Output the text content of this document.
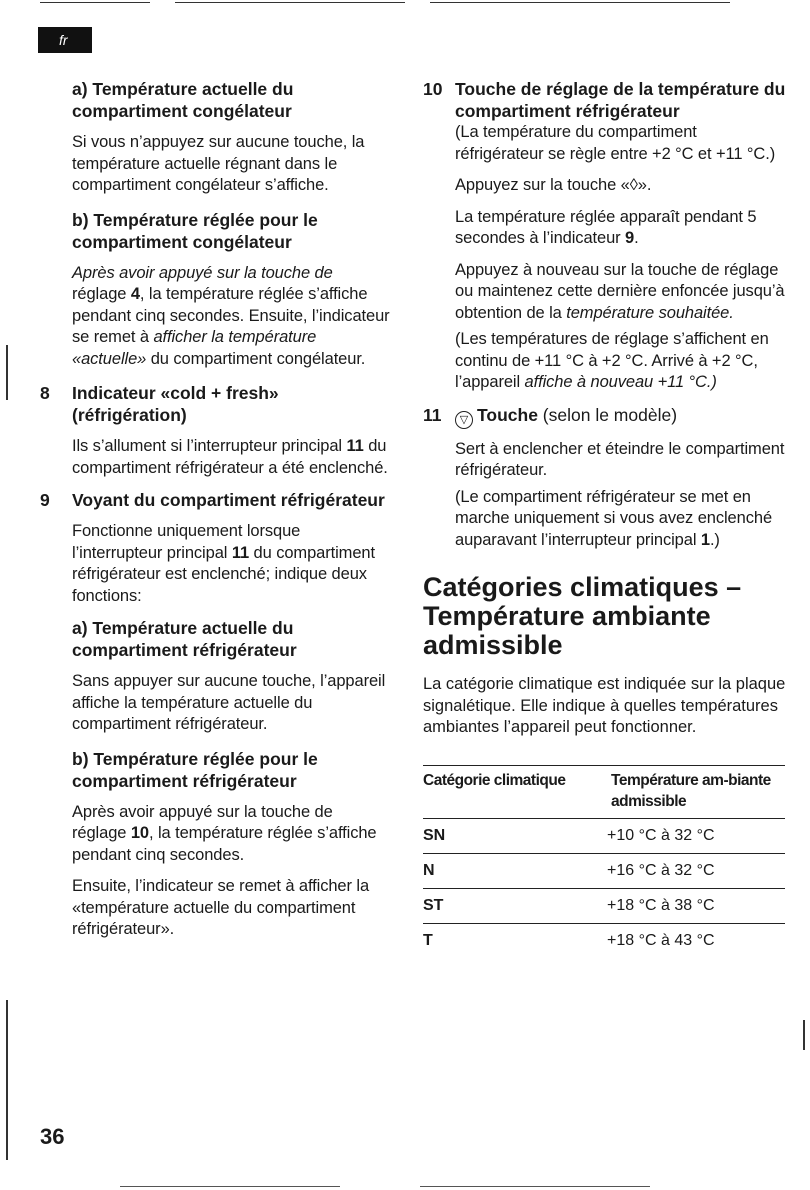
fr
a) Température actuelle du compartiment congélateur
Si vous n’appuyez sur aucune touche, la température actuelle régnant dans le compartiment congélateur s’affiche.
b) Température réglée pour le compartiment congélateur
Après avoir appuyé sur la touche de réglage 4, la température réglée s’affiche pendant cinq secondes. Ensuite, l’indicateur se remet à afficher la température «actuelle» du compartiment congélateur.
8 Indicateur «cold + fresh» (réfrigération)
Ils s’allument si l’interrupteur principal 11 du compartiment réfrigérateur a été enclenché.
9 Voyant du compartiment réfrigérateur
Fonctionne uniquement lorsque l’interrupteur principal 11 du compartiment réfrigérateur est enclenché; indique deux fonctions:
a) Température actuelle du compartiment réfrigérateur
Sans appuyer sur aucune touche, l’appareil affiche la température actuelle du compartiment réfrigérateur.
b) Température réglée pour le compartiment réfrigérateur
Après avoir appuyé sur la touche de réglage 10, la température réglée s’affiche pendant cinq secondes.
Ensuite, l’indicateur se remet à afficher la «température actuelle du compartiment réfrigérateur».
10 Touche de réglage de la température du compartiment réfrigérateur
(La température du compartiment réfrigérateur se règle entre +2 °C et +11 °C.)
Appuyez sur la touche «◊».
La température réglée apparaît pendant 5 secondes à l’indicateur 9.
Appuyez à nouveau sur la touche de réglage ou maintenez cette dernière enfoncée jusqu’à obtention de la température souhaitée.
(Les températures de réglage s’affichent en continu de +11 °C à +2 °C. Arrivé à +2 °C, l’appareil affiche à nouveau +11 °C.)
11	▽ Touche (selon le modèle)
Sert à enclencher et éteindre le compartiment réfrigérateur.
(Le compartiment réfrigérateur se met en marche uniquement si vous avez enclenché auparavant l’interrupteur principal 1.)
Catégories climatiques – Température ambiante admissible
La catégorie climatique est indiquée sur la plaque signalétique. Elle indique à quelles températures ambiantes l’appareil peut fonctionner.
Catégorie climatique	Température am-biante admissible
SN	+10 °C à 32 °C
N	+16 °C à 32 °C
ST	+18 °C à 38 °C
T	+18 °C à 43 °C
36
